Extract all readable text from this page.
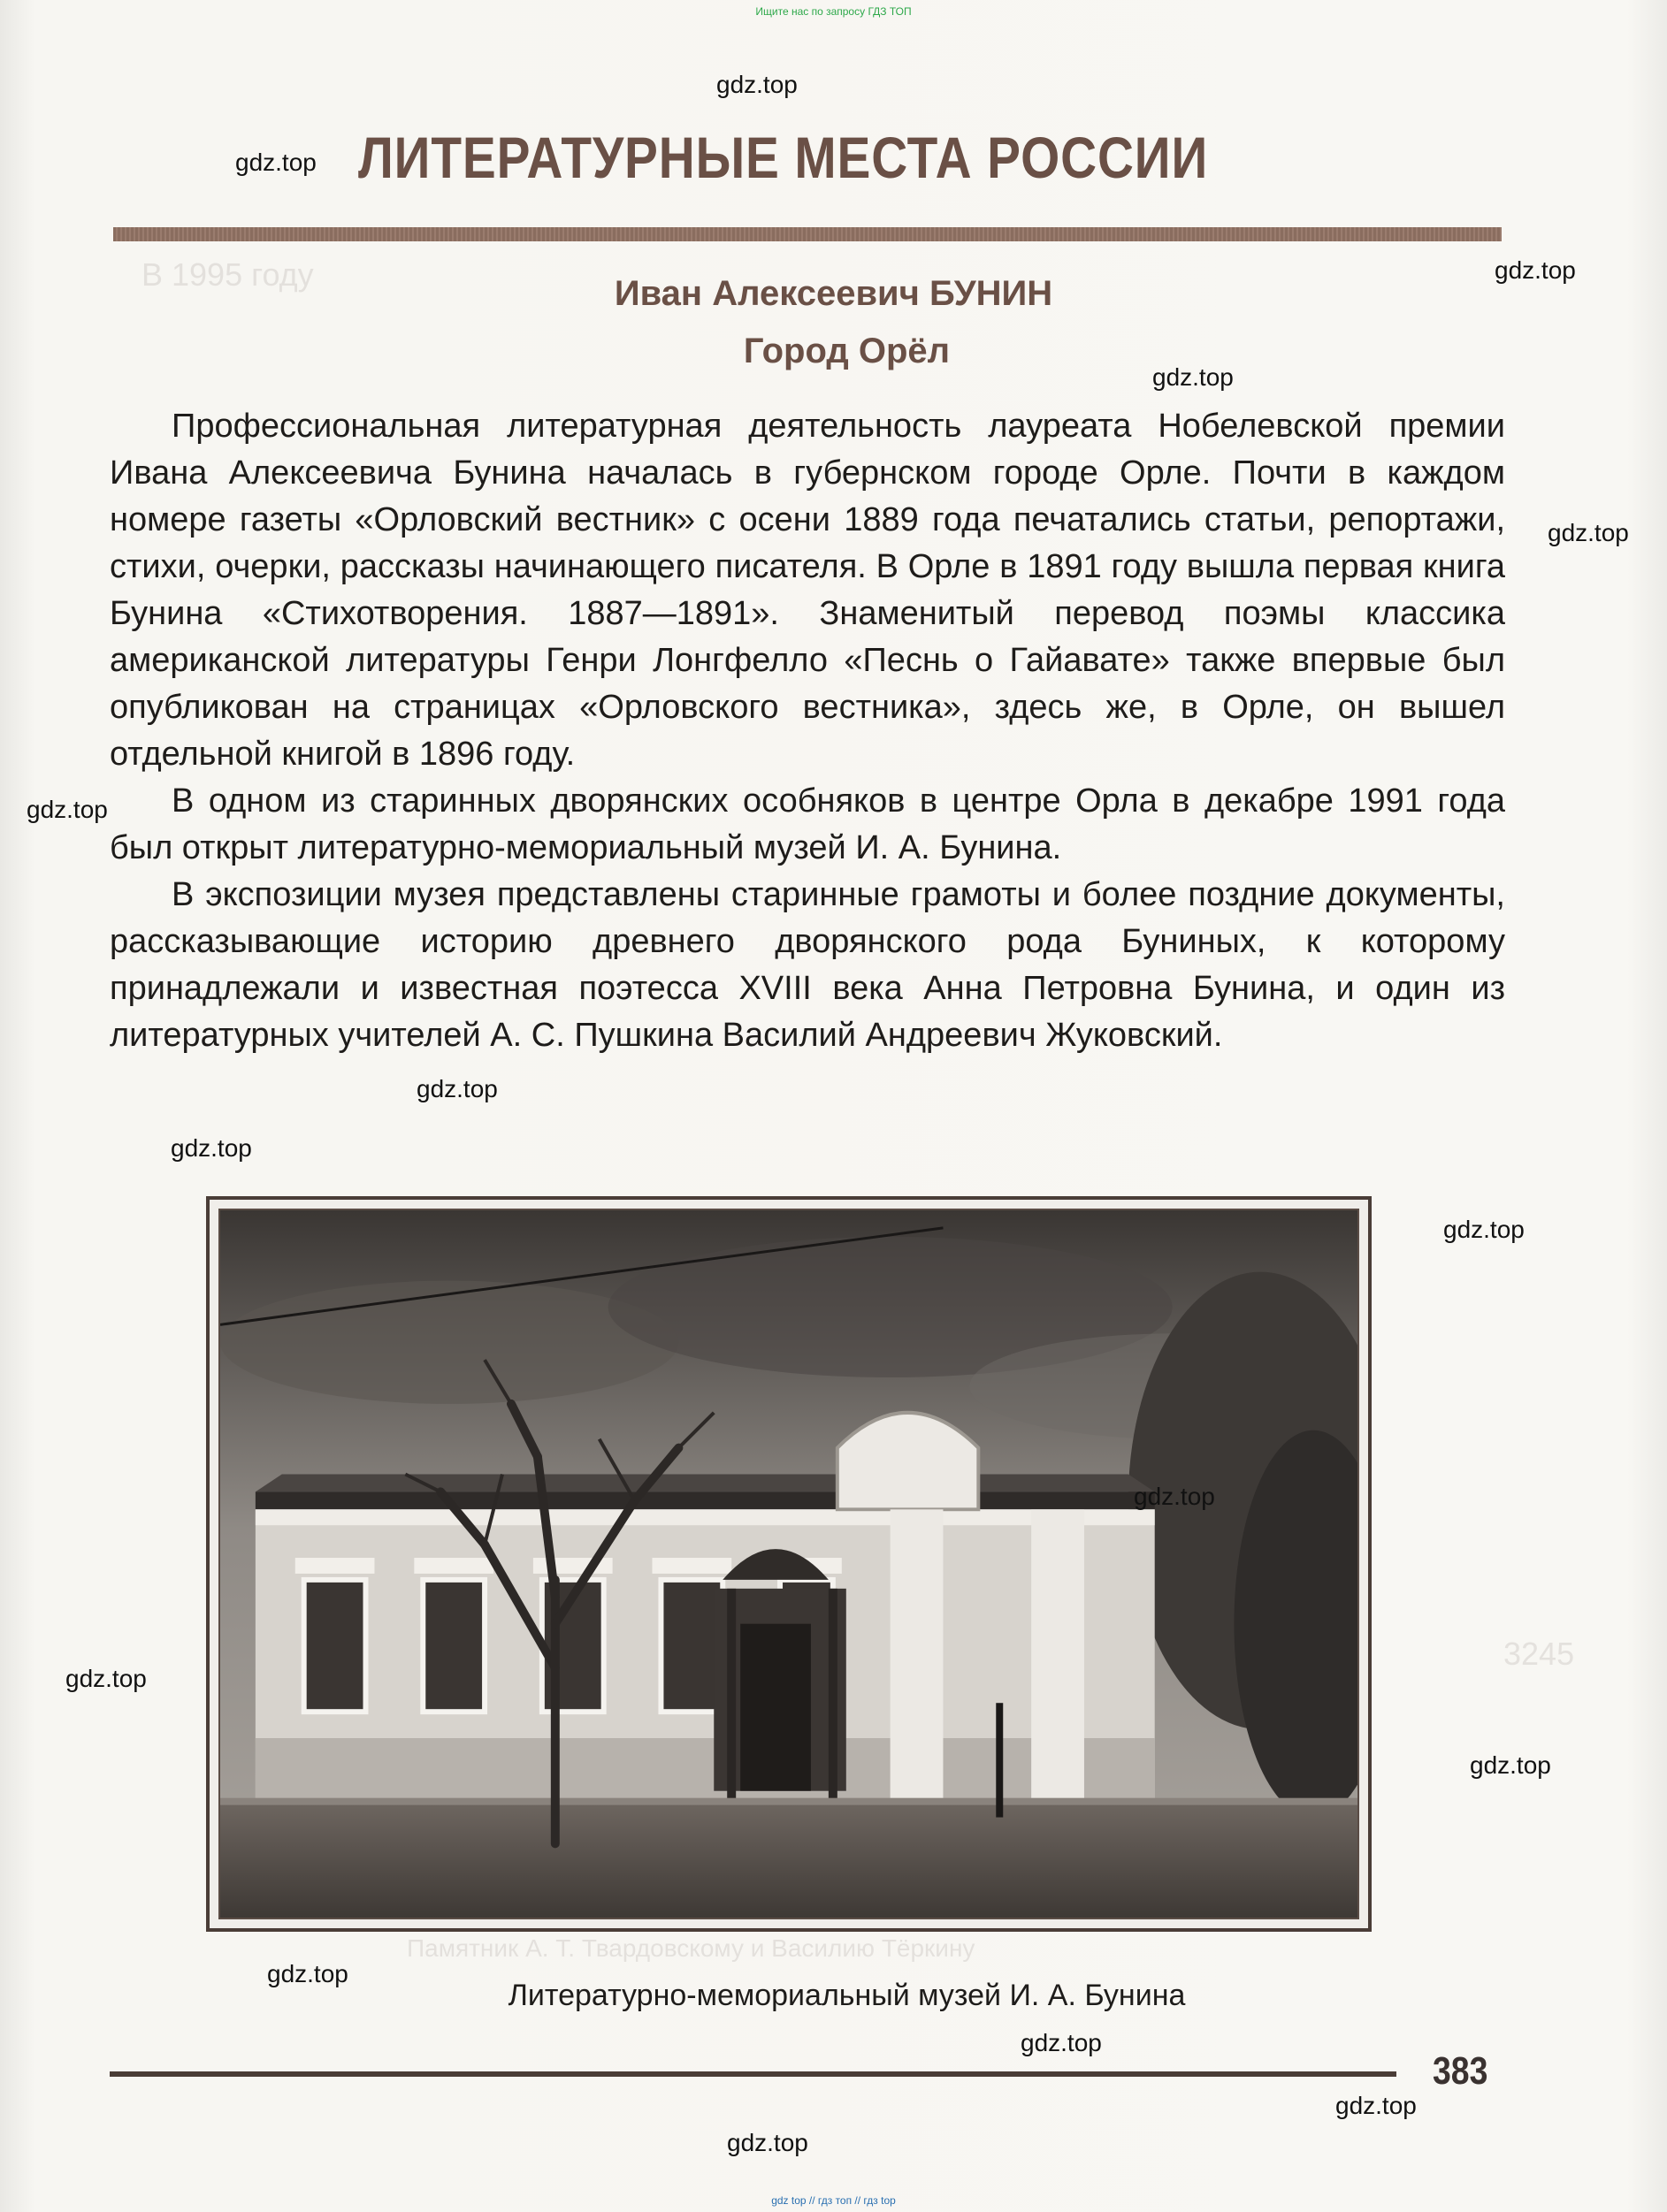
Ищите нас по запросу ГДЗ ТОП
В 1995 году
Памятник А. Т. Твардовскому и Василию Тёркину
3245
ЛИТЕРАТУРНЫЕ МЕСТА РОССИИ
Иван Алексеевич БУНИН
Город Орёл

Профессиональная литературная деятельность лауреата Нобелевской премии Ивана Алексеевича Бунина началась в губернском городе Орле. Почти в каждом номере газеты «Орловский вестник» с осени 1889 года печатались статьи, репортажи, стихи, очерки, рассказы начинающего писателя. В Орле в 1891 году вышла первая книга Бунина «Стихотворения. 1887—1891». Знаменитый перевод поэмы классика американской литературы Генри Лонгфелло «Песнь о Гайавате» также впервые был опубликован на страницах «Орловского вестника», здесь же, в Орле, он вышел отдельной книгой в 1896 году.

В одном из старинных дворянских особняков в центре Орла в декабре 1991 года был открыт литературно-мемориальный музей И. А. Бунина.

В экспозиции музея представлены старинные грамоты и более поздние документы, рассказывающие историю древнего дворянского рода Буниных, к которому принадлежали и известная поэтесса XVIII века Анна Петровна Бунина, и один из литературных учителей А. С. Пушкина Василий Андреевич Жуковский.

Литературно-мемориальный музей И. А. Бунина
383
gdz.top
gdz.top
gdz.top
gdz.top
gdz.top
gdz.top
gdz.top
gdz.top
gdz.top
gdz.top
gdz.top
gdz.top
gdz.top
gdz.top
gdz.top
gdz.top
gdz top // гдз топ // гдз top
